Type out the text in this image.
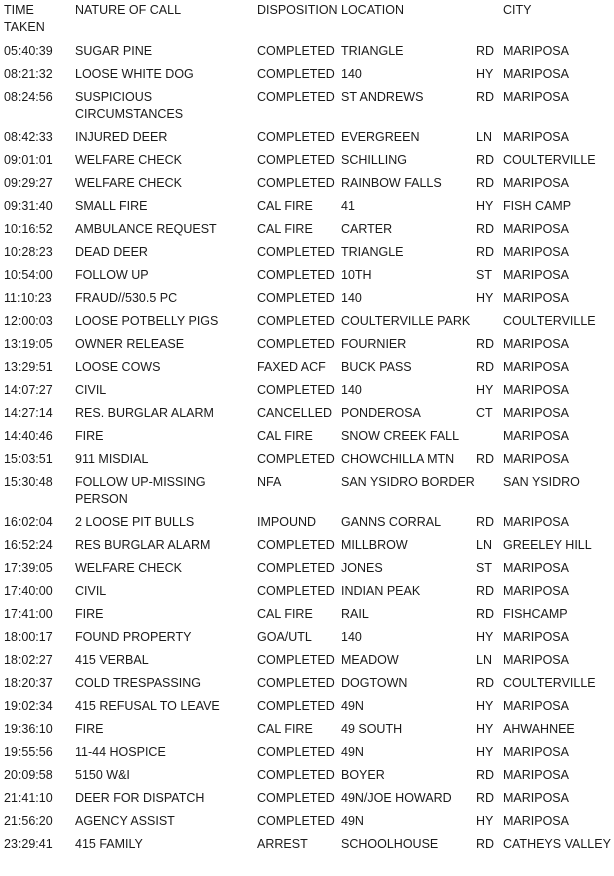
TIME TAKEN	NATURE OF CALL	DISPOSITION	LOCATION		CITY
05:40:39	SUGAR PINE	COMPLETED	TRIANGLE	RD	MARIPOSA
08:21:32	LOOSE WHITE DOG	COMPLETED	140	HY	MARIPOSA
08:24:56	SUSPICIOUS CIRCUMSTANCES	COMPLETED	ST ANDREWS	RD	MARIPOSA
08:42:33	INJURED DEER	COMPLETED	EVERGREEN	LN	MARIPOSA
09:01:01	WELFARE CHECK	COMPLETED	SCHILLING	RD	COULTERVILLE
09:29:27	WELFARE CHECK	COMPLETED	RAINBOW FALLS	RD	MARIPOSA
09:31:40	SMALL FIRE	CAL FIRE	41	HY	FISH CAMP
10:16:52	AMBULANCE REQUEST	CAL FIRE	CARTER	RD	MARIPOSA
10:28:23	DEAD DEER	COMPLETED	TRIANGLE	RD	MARIPOSA
10:54:00	FOLLOW UP	COMPLETED	10TH	ST	MARIPOSA
11:10:23	FRAUD//530.5 PC	COMPLETED	140	HY	MARIPOSA
12:00:03	LOOSE POTBELLY PIGS	COMPLETED	COULTERVILLE PARK		COULTERVILLE
13:19:05	OWNER RELEASE	COMPLETED	FOURNIER	RD	MARIPOSA
13:29:51	LOOSE COWS	FAXED ACF	BUCK PASS	RD	MARIPOSA
14:07:27	CIVIL	COMPLETED	140	HY	MARIPOSA
14:27:14	RES. BURGLAR ALARM	CANCELLED	PONDEROSA	CT	MARIPOSA
14:40:46	FIRE	CAL FIRE	SNOW CREEK FALL		MARIPOSA
15:03:51	911 MISDIAL	COMPLETED	CHOWCHILLA MTN	RD	MARIPOSA
15:30:48	FOLLOW UP-MISSING PERSON	NFA	SAN YSIDRO BORDER		SAN YSIDRO
16:02:04	2 LOOSE PIT BULLS	IMPOUND	GANNS CORRAL	RD	MARIPOSA
16:52:24	RES BURGLAR ALARM	COMPLETED	MILLBROW	LN	GREELEY HILL
17:39:05	WELFARE CHECK	COMPLETED	JONES	ST	MARIPOSA
17:40:00	CIVIL	COMPLETED	INDIAN PEAK	RD	MARIPOSA
17:41:00	FIRE	CAL FIRE	RAIL	RD	FISHCAMP
18:00:17	FOUND PROPERTY	GOA/UTL	140	HY	MARIPOSA
18:02:27	415 VERBAL	COMPLETED	MEADOW	LN	MARIPOSA
18:20:37	COLD TRESPASSING	COMPLETED	DOGTOWN	RD	COULTERVILLE
19:02:34	415 REFUSAL TO LEAVE	COMPLETED	49N	HY	MARIPOSA
19:36:10	FIRE	CAL FIRE	49 SOUTH	HY	AHWAHNEE
19:55:56	11-44 HOSPICE	COMPLETED	49N	HY	MARIPOSA
20:09:58	5150 W&I	COMPLETED	BOYER	RD	MARIPOSA
21:41:10	DEER FOR DISPATCH	COMPLETED	49N/JOE HOWARD	RD	MARIPOSA
21:56:20	AGENCY ASSIST	COMPLETED	49N	HY	MARIPOSA
23:29:41	415 FAMILY	ARREST	SCHOOLHOUSE	RD	CATHEYS VALLEY
